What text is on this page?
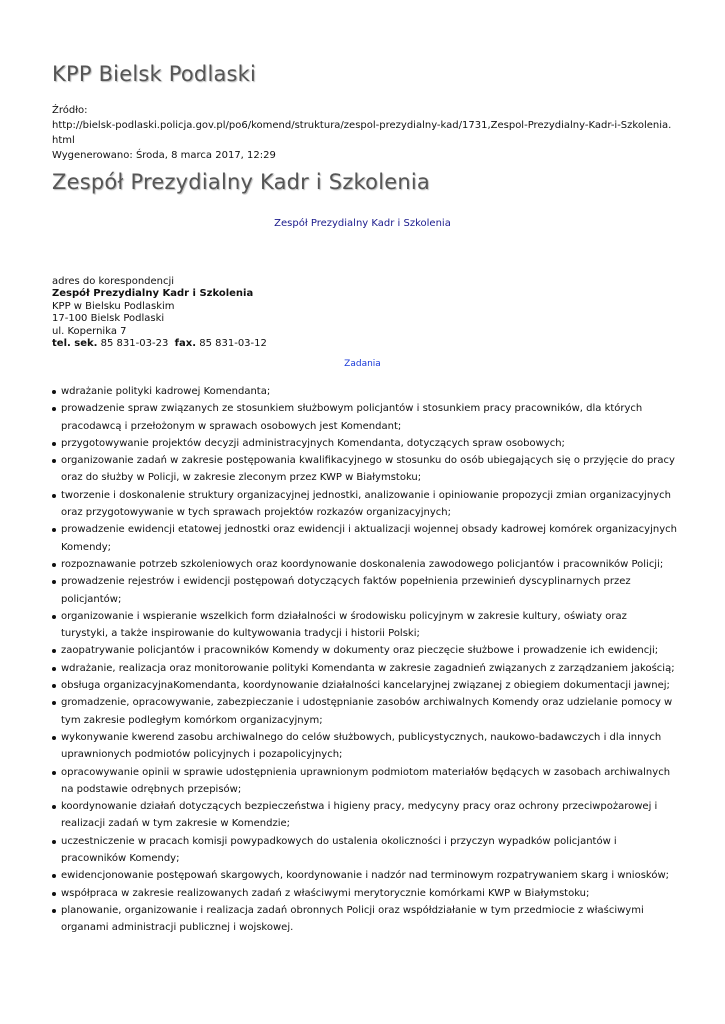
KPP Bielsk Podlaski
Źródło:
http://bielsk-podlaski.policja.gov.pl/po6/komend/struktura/zespol-prezydialny-kad/1731,Zespol-Prezydialny-Kadr-i-Szkolenia.html
Wygenerowano: Środa, 8 marca 2017, 12:29
Zespół Prezydialny Kadr i Szkolenia
Zespół Prezydialny Kadr i Szkolenia
adres do korespondencji
Zespół Prezydialny Kadr i Szkolenia
KPP w Bielsku Podlaskim
17-100 Bielsk Podlaski
ul. Kopernika 7
tel. sek. 85 831-03-23 fax. 85 831-03-12
Zadania
wdrażanie polityki kadrowej Komendanta;
prowadzenie spraw związanych ze stosunkiem służbowym policjantów i stosunkiem pracy pracowników, dla których pracodawcą i przełożonym w sprawach osobowych jest Komendant;
przygotowywanie projektów decyzji administracyjnych Komendanta, dotyczących spraw osobowych;
organizowanie zadań w zakresie postępowania kwalifikacyjnego w stosunku do osób ubiegających się o przyjęcie do pracy oraz do służby w Policji, w zakresie zleconym przez KWP w Białymstoku;
tworzenie i doskonalenie struktury organizacyjnej jednostki, analizowanie i opiniowanie propozycji zmian organizacyjnych oraz przygotowywanie w tych sprawach projektów rozkazów organizacyjnych;
prowadzenie ewidencji etatowej jednostki oraz ewidencji i aktualizacji wojennej obsady kadrowej komórek organizacyjnych Komendy;
rozpoznawanie potrzeb szkoleniowych oraz koordynowanie doskonalenia zawodowego policjantów i pracowników Policji;
prowadzenie rejestrów i ewidencji postępowań dotyczących faktów popełnienia przewinień dyscyplinarnych przez policjantów;
organizowanie i wspieranie wszelkich form działalności w środowisku policyjnym w zakresie kultury, oświaty oraz turystyki, a także inspirowanie do kultywowania tradycji i historii Polski;
zaopatrywanie policjantów i pracowników Komendy w dokumenty oraz pieczęcie służbowe i prowadzenie ich ewidencji;
wdrażanie, realizacja oraz monitorowanie polityki Komendanta w zakresie zagadnień związanych z zarządzaniem jakością;
obsługa organizacyjnaKomendanta, koordynowanie działalności kancelaryjnej związanej z obiegiem dokumentacji jawnej;
gromadzenie, opracowywanie, zabezpieczanie i udostępnianie zasobów archiwalnych Komendy oraz udzielanie pomocy w tym zakresie podległym komórkom organizacyjnym;
wykonywanie kwerend zasobu archiwalnego do celów służbowych, publicystycznych, naukowo-badawczych i dla innych uprawnionych podmiotów policyjnych i pozapolicyjnych;
opracowywanie opinii w sprawie udostępnienia uprawnionym podmiotom materiałów będących w zasobach archiwalnych na podstawie odrębnych przepisów;
koordynowanie działań dotyczących bezpieczeństwa i higieny pracy, medycyny pracy oraz ochrony przeciwpożarowej i realizacji zadań w tym zakresie w Komendzie;
uczestniczenie w pracach komisji powypadkowych do ustalenia okoliczności i przyczyn wypadków policjantów i pracowników Komendy;
ewidencjonowanie postępowań skargowych, koordynowanie i nadzór nad terminowym rozpatrywaniem skarg i wniosków;
współpraca w zakresie realizowanych zadań z właściwymi merytorycznie komórkami KWP w Białymstoku;
planowanie, organizowanie i realizacja zadań obronnych Policji oraz współdziałanie w tym przedmiocie z właściwymi organami administracji publicznej i wojskowej.
